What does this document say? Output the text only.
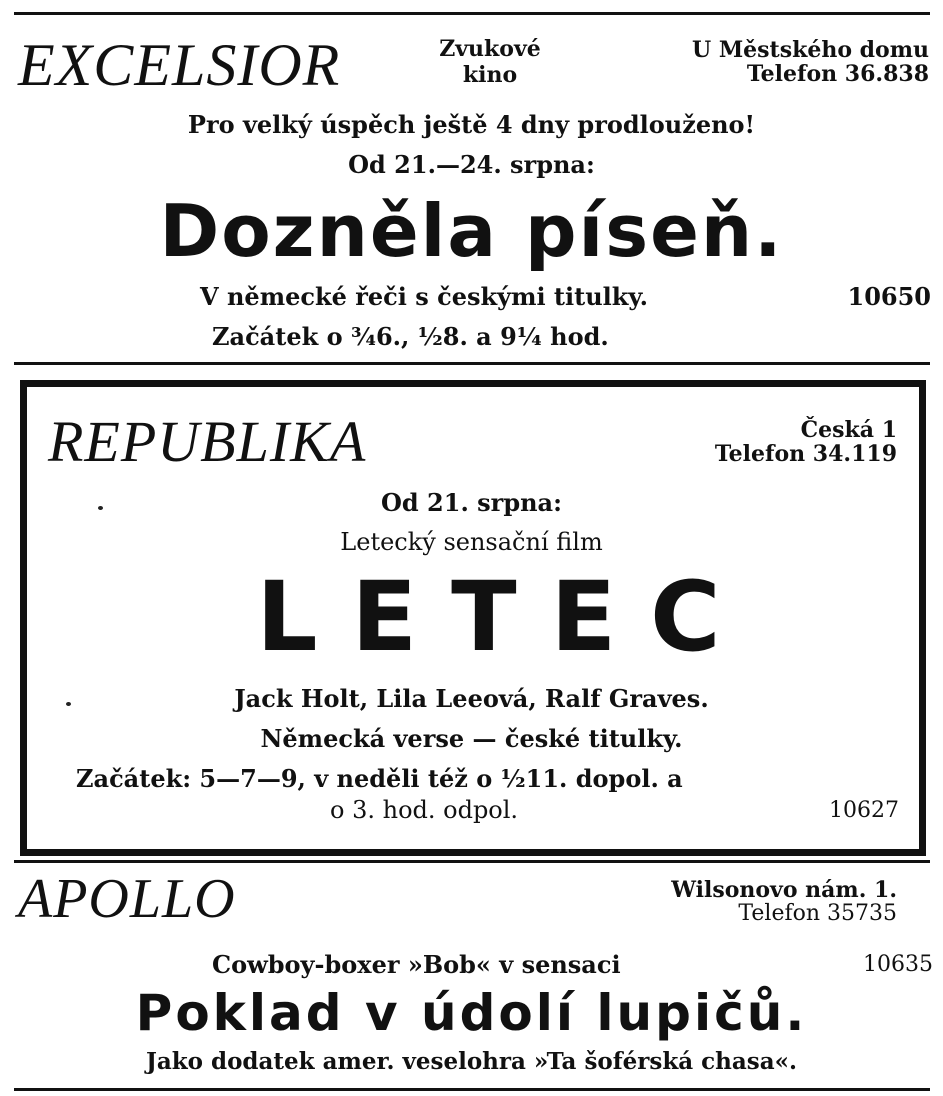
EXCELSIOR	Zvukové
kino
U Městského domu
Telefon 36.838
Pro velký úspěch ještě 4 dny prodlouženo!
Od 21.—24. srpna:
Dozněla píseň.
V německé řeči s českými titulky.	10650
Začátek o ¾6., ½8. a 9¼ hod.
REPUBLIKA	Česká 1
Telefon 34.119
Od 21. srpna:
Letecký sensační film
LETEC
Jack Holt, Lila Leeová, Ralf Graves.
Německá verse — české titulky.
Začátek: 5—7—9, v neděli též o ½11. dopol. a
o 3. hod. odpol.	10627
APOLLO	Wilsonovo nám. 1.
Telefon 35735
Cowboy-boxer »Bob« v sensaci	10635
Poklad v údolí lupičů.
Jako dodatek amer. veselohra »Ta šoférská chasa«.
